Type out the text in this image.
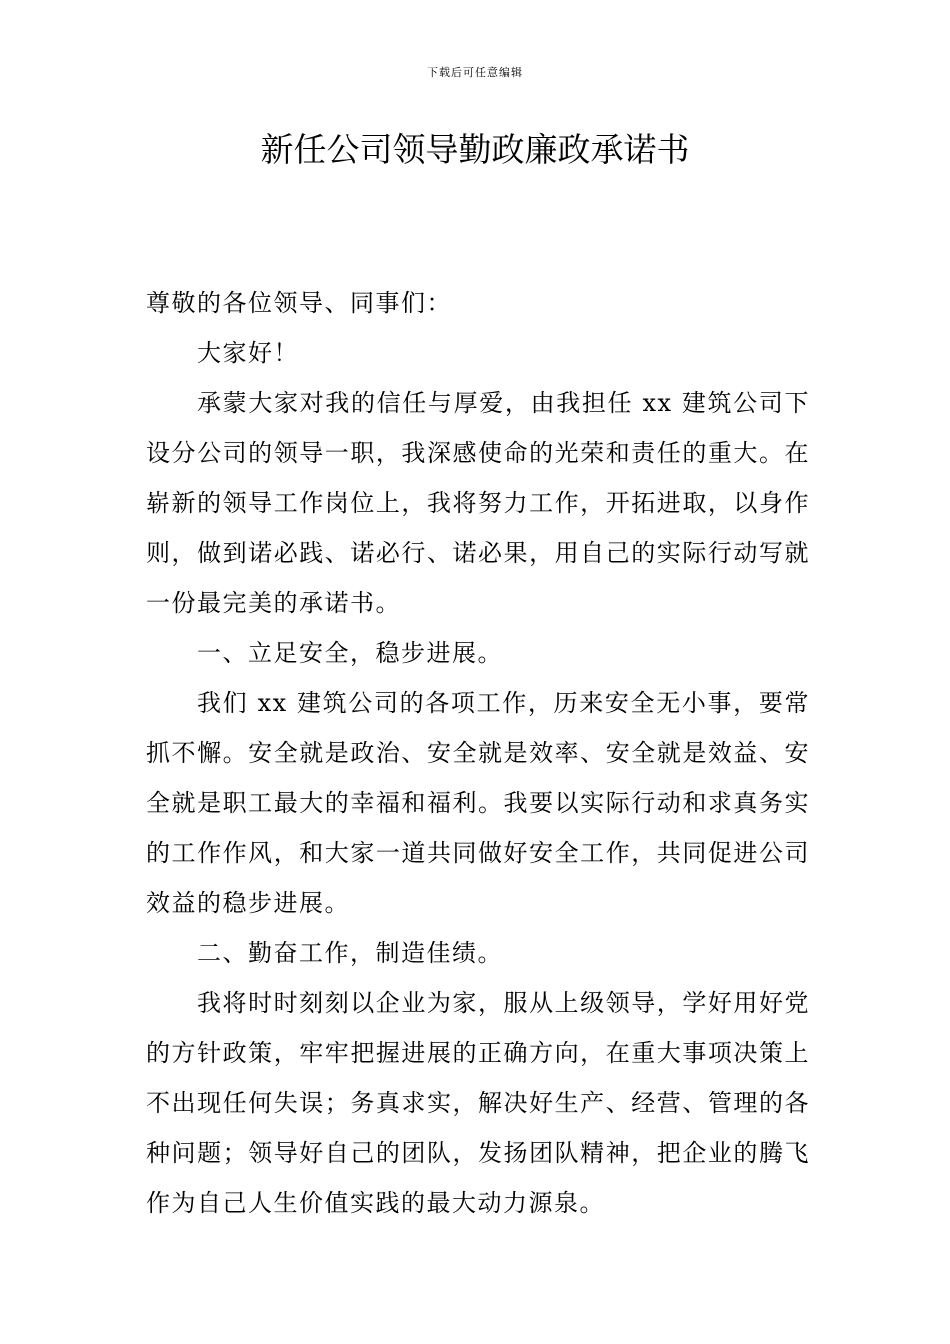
下载后可任意编辑
新任公司领导勤政廉政承诺书

尊敬的各位领导、同事们：

大家好！

承蒙大家对我的信任与厚爱，由我担任 xx 建筑公司下设分公司的领导一职，我深感使命的光荣和责任的重大。在崭新的领导工作岗位上，我将努力工作，开拓进取，以身作则，做到诺必践、诺必行、诺必果，用自己的实际行动写就一份最完美的承诺书。

一、立足安全，稳步进展。

我们 xx 建筑公司的各项工作，历来安全无小事，要常抓不懈。安全就是政治、安全就是效率、安全就是效益、安全就是职工最大的幸福和福利。我要以实际行动和求真务实的工作作风，和大家一道共同做好安全工作，共同促进公司效益的稳步进展。

二、勤奋工作，制造佳绩。

我将时时刻刻以企业为家，服从上级领导，学好用好党的方针政策，牢牢把握进展的正确方向，在重大事项决策上不出现任何失误；务真求实，解决好生产、经营、管理的各种问题；领导好自己的团队，发扬团队精神，把企业的腾飞作为自己人生价值实践的最大动力源泉。
